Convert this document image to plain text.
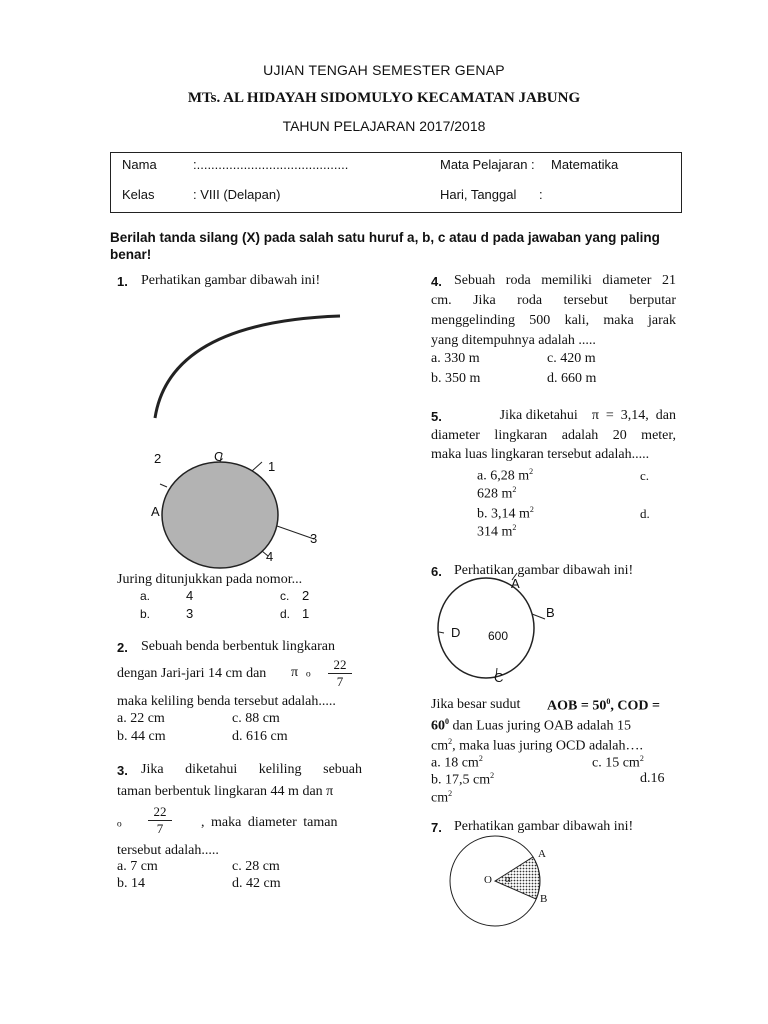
UJIAN TENGAH SEMESTER GENAP
MTs. AL HIDAYAH SIDOMULYO KECAMATAN JABUNG
TAHUN PELAJARAN 2017/2018
Nama	:..........................................	Mata Pelajaran : Matematika
Kelas	: VIII (Delapan)	Hari, Tanggal :
Berilah tanda silang (X) pada salah satu huruf a, b, c atau d pada jawaban yang paling
benar!
1. Perhatikan gambar dibawah ini!
2	C
1
A
3
4
Juring ditunjukkan pada nomor...
a.	4	c. 2
b.	3	d. 1
2. Sebuah benda berbentuk lingkaran
dengan Jari-jari 14 cm dan π ₒ $\frac{22}{7}$
maka keliling benda tersebut adalah.....
a. 22 cm	c. 88 cm
b. 44 cm	d. 616 cm
3. Jika diketahui keliling sebuah
taman berbentuk lingkaran 44 m dan π
ₒ $\frac{22}{7}$ , maka diameter taman
tersebut adalah.....
a. 7 cm	c. 28 cm
b. 14	d. 42 cm
4. Sebuah roda memiliki diameter 21
cm. Jika roda tersebut berputar
menggelinding 500 kali, maka jarak
yang ditempuhnya adalah .....
a. 330 m	c. 420 m
b. 350 m	d. 660 m
5.	Jika diketahui    π  =  3,14,  dan
diameter lingkaran adalah 20 meter,
maka luas lingkaran tersebut adalah.....
a. 6,28 $m^2$	c.
628 $m^2$
b. 3,14 $m^2$	d.
314 $m^2$
6. Perhatikan gambar dibawah ini!
A
B
D 600
C
Jika besar sudut AOB = $50^0$, COD =
$60^0$ dan Luas juring OAB adalah 15
$cm^2$, maka luas juring OCD adalah….
a. 18 $cm^2$	c. 15 $cm^2$
b. 17,5 $cm^2$	d.16
$cm^2$
7. Perhatikan gambar dibawah ini!
O α
A
B
